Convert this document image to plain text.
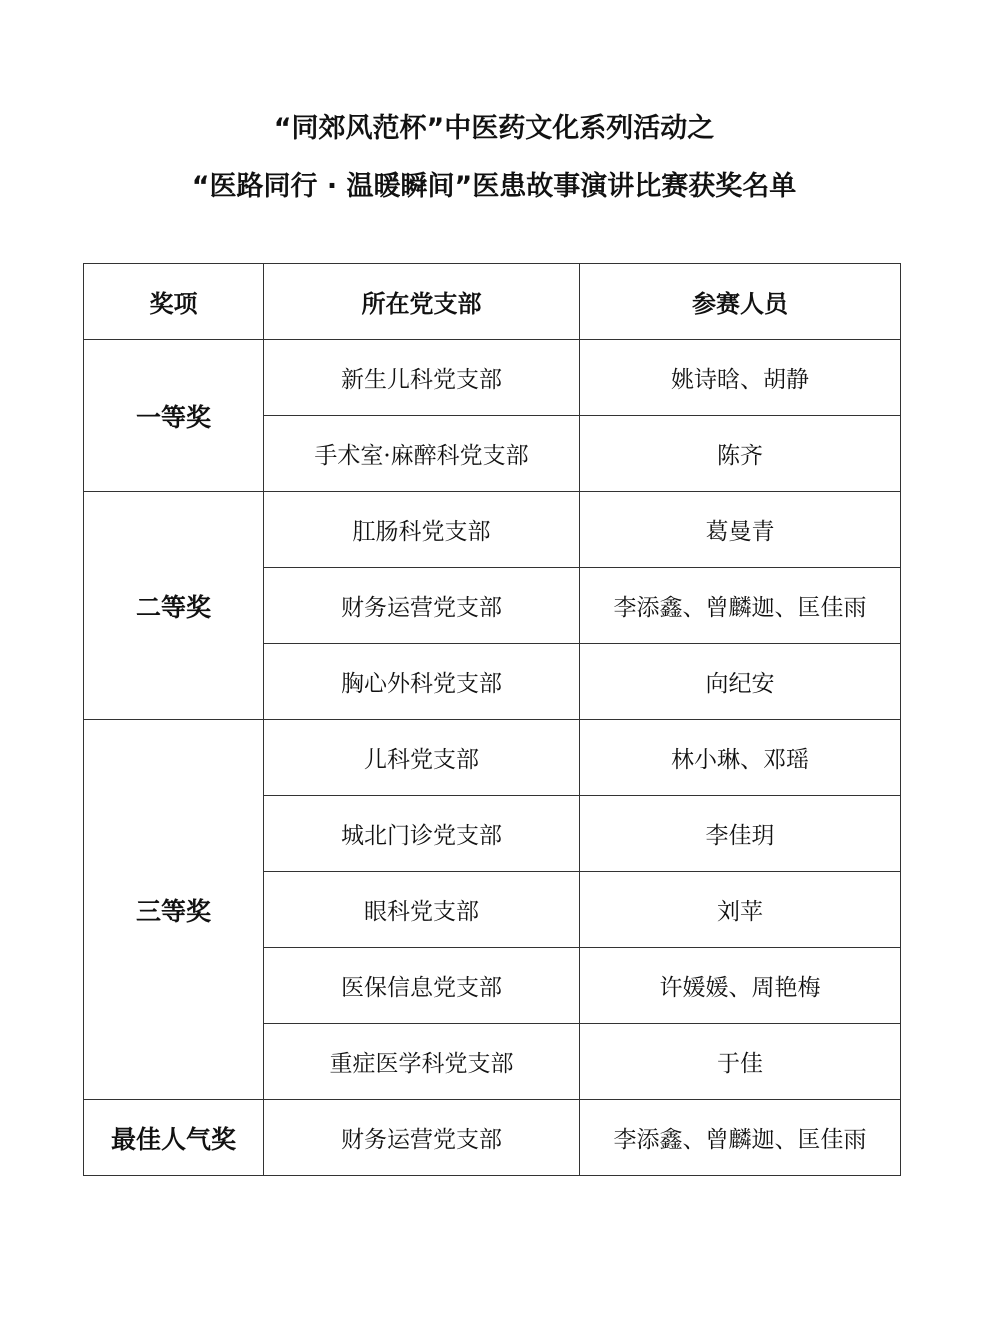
“同郊风范杯”中医药文化系列活动之
“医路同行 · 温暖瞬间”医患故事演讲比赛获奖名单
奖项	所在党支部	参赛人员
一等奖	新生儿科党支部	姚诗晗、胡静
	手术室·麻醉科党支部	陈齐
二等奖	肛肠科党支部	葛曼青
	财务运营党支部	李添鑫、曾麟迦、匡佳雨
	胸心外科党支部	向纪安
三等奖	儿科党支部	林小琳、邓瑶
	城北门诊党支部	李佳玥
	眼科党支部	刘苹
	医保信息党支部	许媛媛、周艳梅
	重症医学科党支部	于佳
最佳人气奖	财务运营党支部	李添鑫、曾麟迦、匡佳雨
